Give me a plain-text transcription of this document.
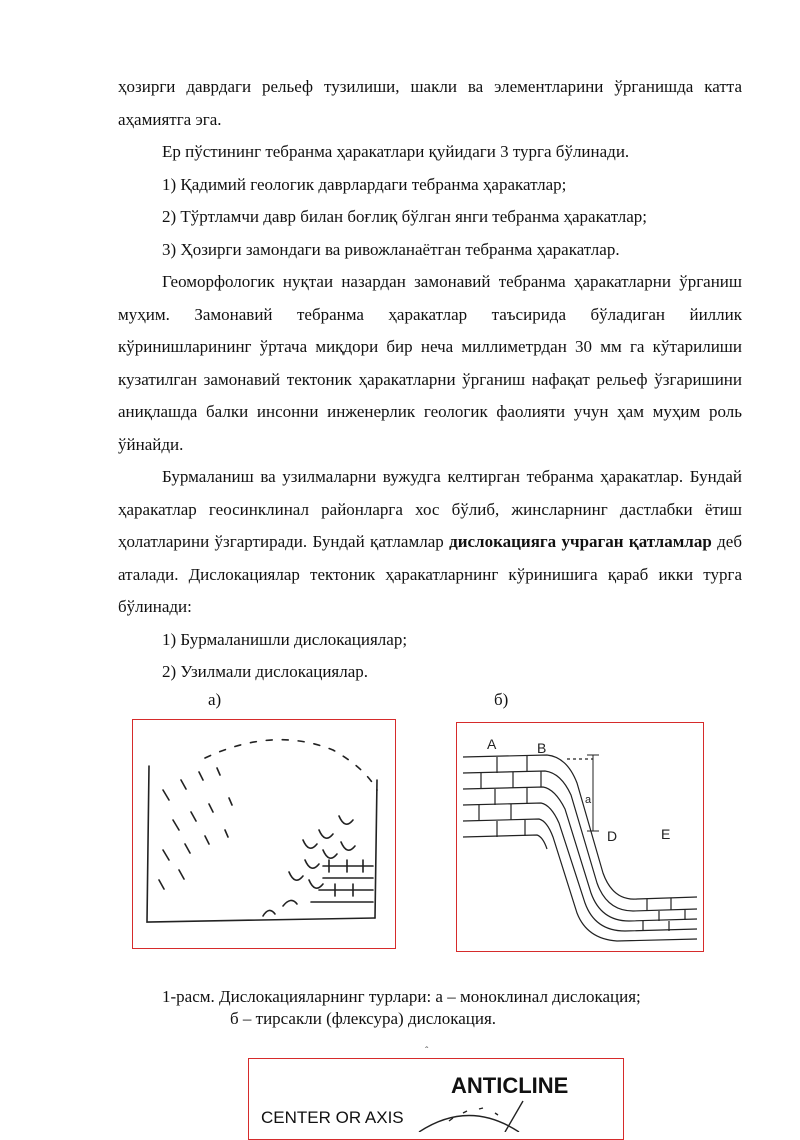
ҳозирги даврдаги рельеф тузилиши, шакли ва элементларини ўрганишда катта аҳамиятга эга.

Ер пўстининг тебранма ҳаракатлари қуйидаги 3 турга бўлинади.

1) Қадимий геологик даврлардаги тебранма ҳаракатлар;
2) Тўртламчи давр билан боғлиқ бўлган янги тебранма ҳаракатлар;
3) Ҳозирги замондаги ва ривожланаётган тебранма ҳаракатлар.

Геоморфологик нуқтаи назардан замонавий тебранма ҳаракатларни ўрганиш муҳим. Замонавий тебранма ҳаракатлар таъсирида бўладиган йиллик кўринишларининг ўртача миқдори бир неча миллиметрдан 30 мм га кўтарилиши кузатилган замонавий тектоник ҳаракатларни ўрганиш нафақат рельеф ўзгаришини аниқлашда балки инсонни инженерлик геологик фаолияти учун ҳам муҳим роль ўйнайди.

Бурмаланиш ва узилмаларни вужудга келтирган тебранма ҳаракатлар. Бундай ҳаракатлар геосинклинал районларга хос бўлиб, жинсларнинг дастлабки ётиш ҳолатларини ўзгартиради. Бундай қатламлар дислокацияга учраган қатламлар деб аталади. Дислокациялар тектоник ҳаракатларнинг кўринишига қараб икки турга бўлинади:

1) Бурмаланишли дислокациялар;
2) Узилмали дислокациялар.
а)	б)
A	B
D	E
a
1-расм. Дислокацияларнинг турлари: а – моноклинал дислокация;
б – тирсакли (флексура) дислокация.
ˆ
ANTICLINE
CENTER OR AXIS
